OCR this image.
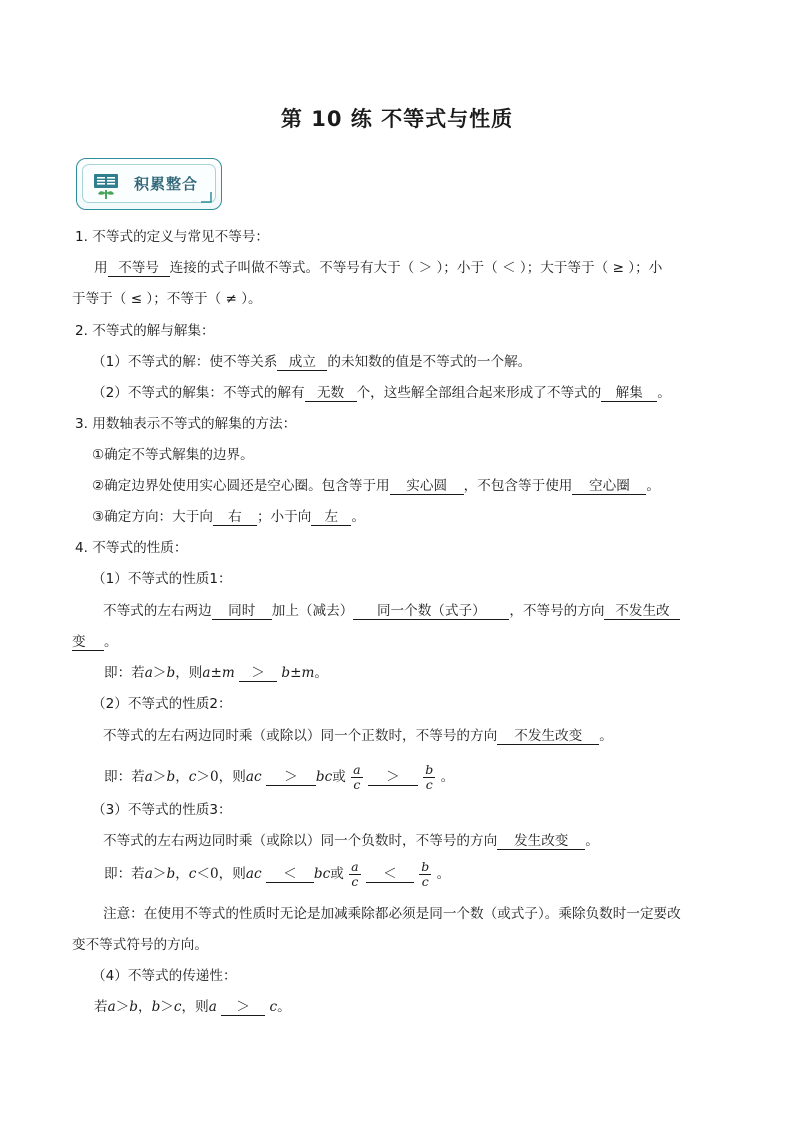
第 10 练 不等式与性质
积累整合
1. 不等式的定义与常见不等号：
用 不等号 连接的式子叫做不等式。不等号有大于（ ＞ ）；小于（ ＜ ）；大于等于（ ≥ ）；小
于等于（ ≤ ）；不等于（ ≠ ）。
2. 不等式的解与解集：
（1）不等式的解：使不等关系 成立 的未知数的值是不等式的一个解。
（2）不等式的解集：不等式的解有 无数 个，这些解全部组合起来形成了不等式的 解集 。
3. 用数轴表示不等式的解集的方法：
①确定不等式解集的边界。
②确定边界处使用实心圆还是空心圈。包含等于用 实心圆 ，不包含等于使用 空心圈 。
③确定方向：大于向 右 ；小于向 左 。
4. 不等式的性质：
（1）不等式的性质1：
不等式的左右两边 同时 加上（减去） 同一个数（式子） ，不等号的方向 不发生改
变 。
即：若a＞b，则a±m ＞ b±m。
（2）不等式的性质2：
不等式的左右两边同时乘（或除以）同一个正数时，不等号的方向 不发生改变 。
即：若a＞b，c＞0，则ac ＞ bc或 $\frac{a}{c} > \frac{b}{c}$ 。
（3）不等式的性质3：
不等式的左右两边同时乘（或除以）同一个负数时，不等号的方向 发生改变 。
即：若a＞b，c＜0，则ac ＜ bc或 $\frac{a}{c} < \frac{b}{c}$ 。
注意：在使用不等式的性质时无论是加减乘除都必须是同一个数（或式子）。乘除负数时一定要改
变不等式符号的方向。
（4）不等式的传递性：
若a＞b，b＞c，则a ＞ c。
